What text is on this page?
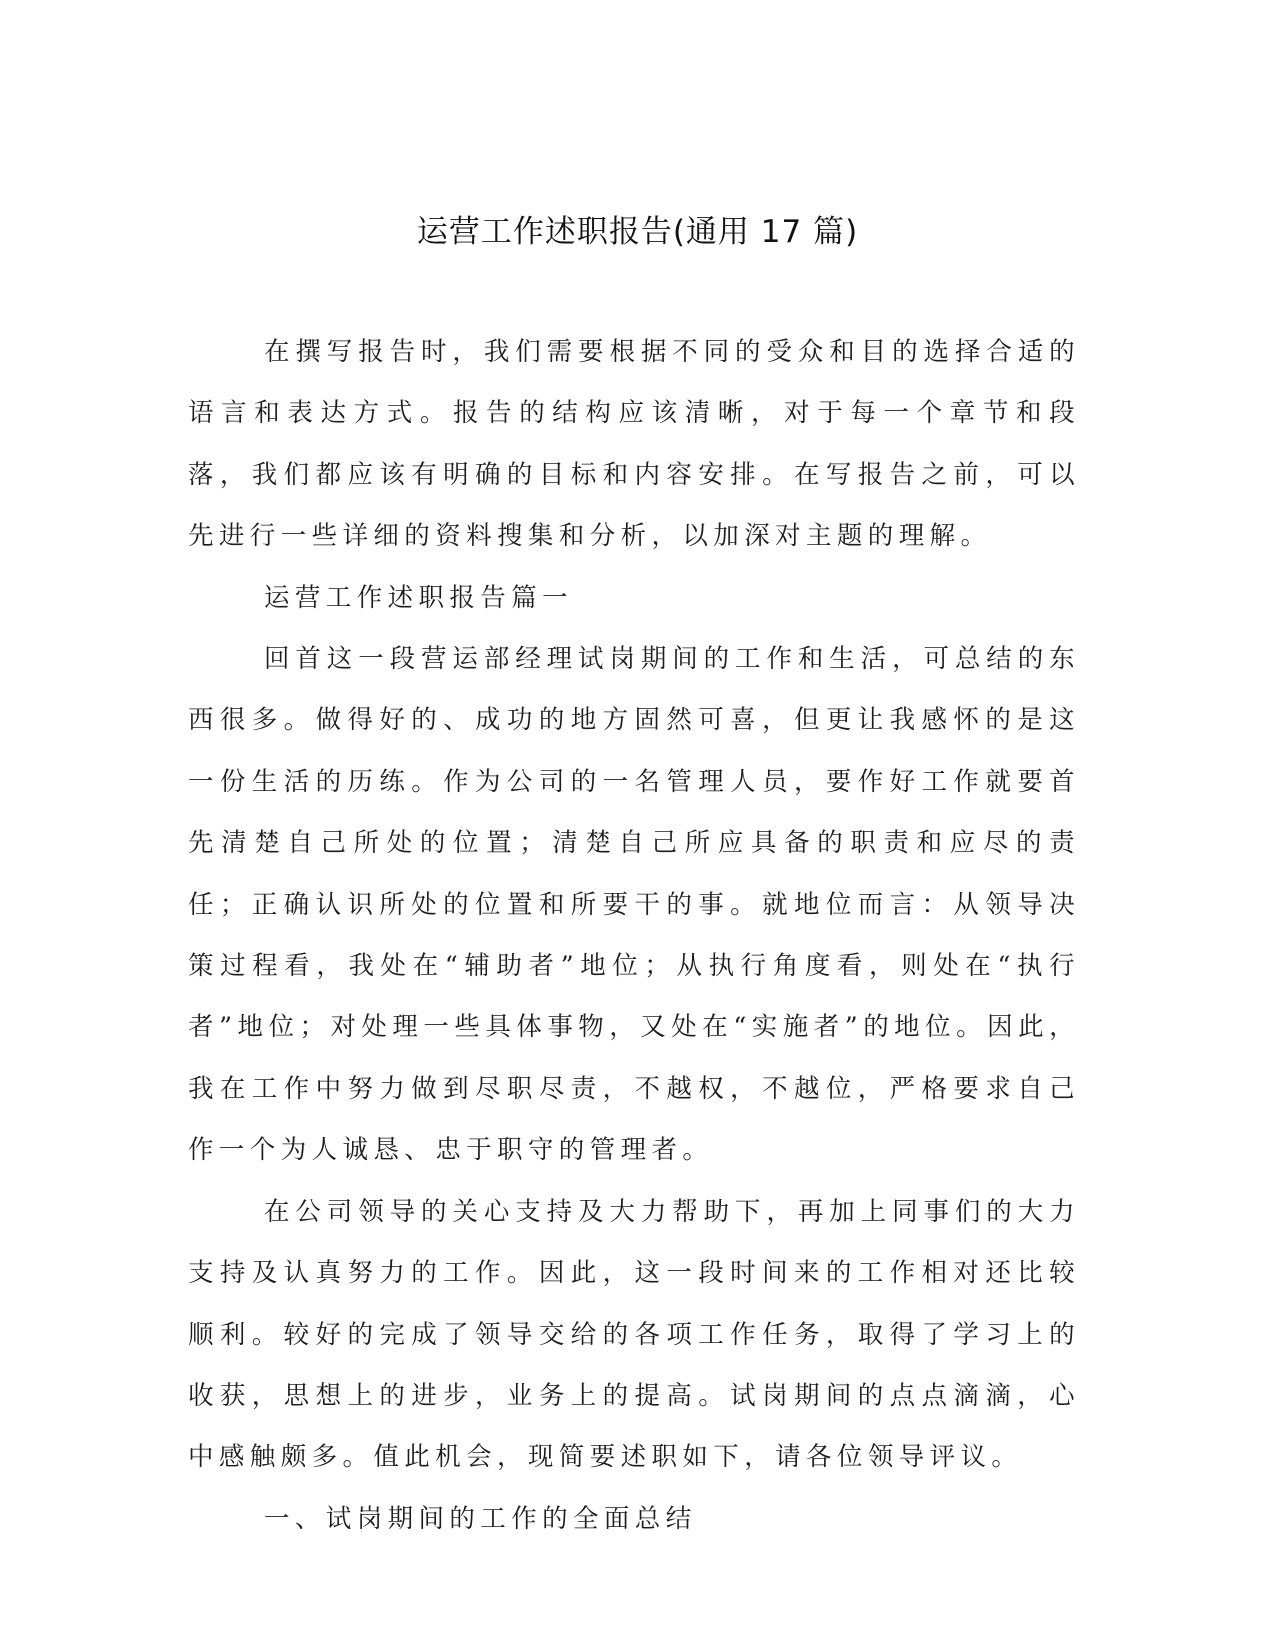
运营工作述职报告(通用 17 篇)

在撰写报告时，我们需要根据不同的受众和目的选择合适的语言和表达方式。报告的结构应该清晰，对于每一个章节和段落，我们都应该有明确的目标和内容安排。在写报告之前，可以先进行一些详细的资料搜集和分析，以加深对主题的理解。

运营工作述职报告篇一

回首这一段营运部经理试岗期间的工作和生活，可总结的东西很多。做得好的、成功的地方固然可喜，但更让我感怀的是这一份生活的历练。作为公司的一名管理人员，要作好工作就要首先清楚自己所处的位置；清楚自己所应具备的职责和应尽的责任；正确认识所处的位置和所要干的事。就地位而言：从领导决策过程看，我处在“辅助者”地位；从执行角度看，则处在“执行者”地位；对处理一些具体事物，又处在“实施者”的地位。因此，我在工作中努力做到尽职尽责，不越权，不越位，严格要求自己作一个为人诚恳、忠于职守的管理者。

在公司领导的关心支持及大力帮助下，再加上同事们的大力支持及认真努力的工作。因此，这一段时间来的工作相对还比较顺利。较好的完成了领导交给的各项工作任务，取得了学习上的收获，思想上的进步，业务上的提高。试岗期间的点点滴滴，心中感触颇多。值此机会，现简要述职如下，请各位领导评议。

一、试岗期间的工作的全面总结
